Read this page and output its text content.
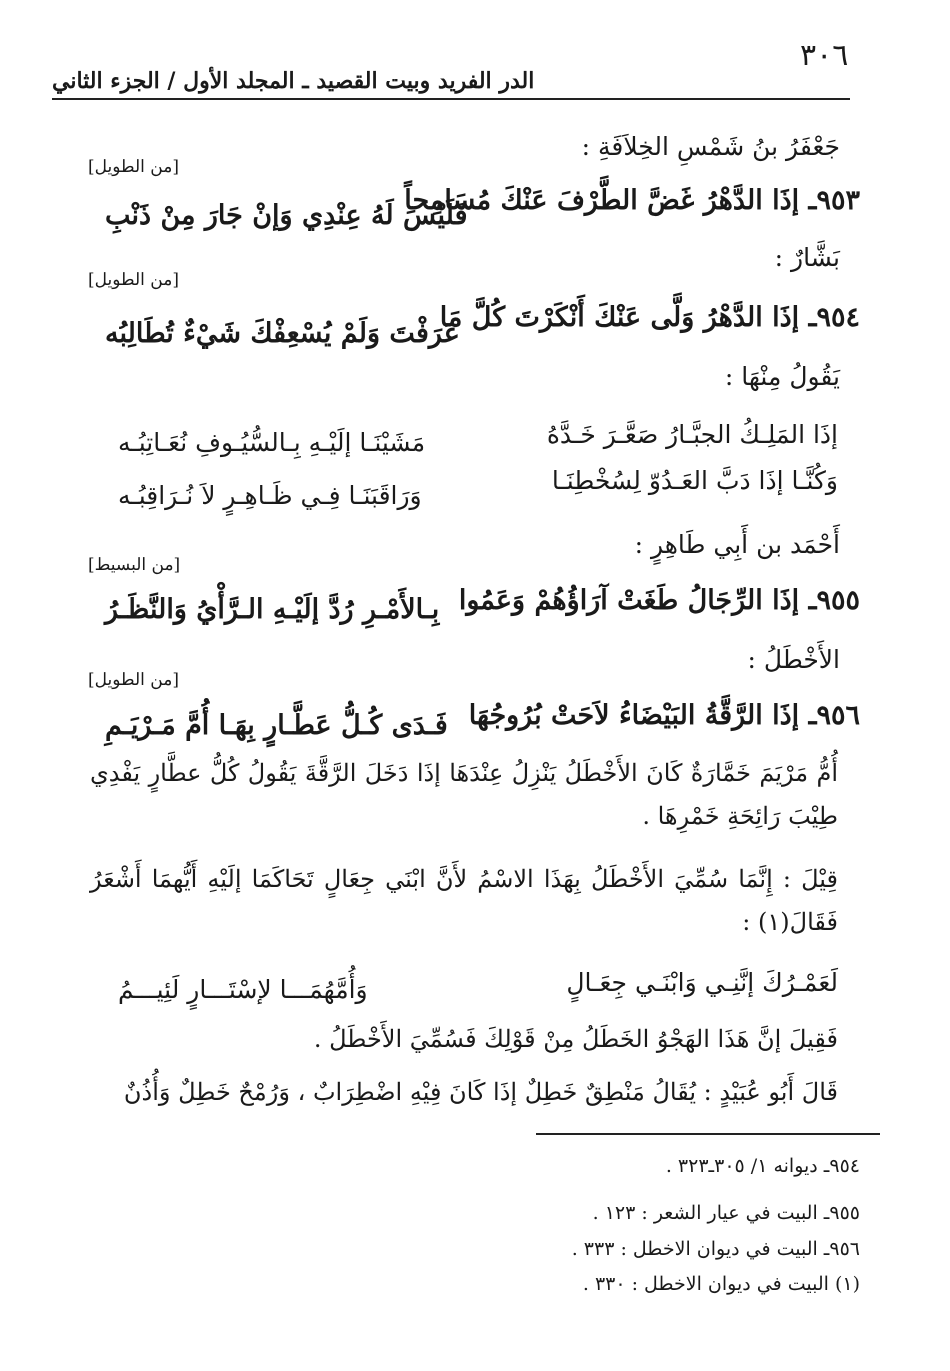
٣٠٦
الدر الفريد وبيت القصيد ـ المجلد الأول / الجزء الثاني
جَعْفَرُ بنُ شَمْسِ الخِلاَفَةِ :
[من الطويل]
٩٥٣ـ إذَا الدَّهْرُ غَضَّ الطَّرْفَ عَنْكَ مُسَامِحاً
فَلَيْسَ لَهُ عِنْدِي وَإنْ جَارَ مِنْ ذَنْبِ
بَشَّارٌ :
[من الطويل]
٩٥٤ـ إذَا الدَّهْرُ وَلَّى عَنْكَ أَنْكَرْتَ كُلَّ مَا
عَرَفْتَ وَلَمْ يُسْعِفْكَ شَيْءٌ تُطَالِبُه
يَقُولُ مِنْهَا :
إذَا المَلِـكُ الجبَّـارُ صَعَّـرَ خَـدَّهُ
مَشَيْنَـا إلَيْـهِ بِـالسُّيُـوفِ نُعَـاتِبُـه
وَكُنَّـا إذَا دَبَّ العَـدُوّ لِسُخْطِنَـا
وَرَاقَبَنَـا فِـي ظَـاهِـرٍ لاَ نُـرَاقِبُـه
أَحْمَد بن أَبِي طَاهِرٍ :
[من البسيط]
٩٥٥ـ إذَا الرِّجَالُ طَغَتْ آرَاؤُهُمْ وَعَمُوا
بِـالأَمْـرِ رُدَّ إلَيْـهِ الـرَّأْيُ وَالنَّظَـرُ
الأَخْطَلُ :
[من الطويل]
٩٥٦ـ إذَا الرَّقَّةُ البَيْضَاءُ لاَحَتْ بُرُوجُهَا
فَـدَى كُـلُّ عَطَّـارٍ بِهَـا أُمَّ مَـرْيَـمِ
أُمُّ مَرْيَمَ خَمَّارَةٌ كَانَ الأَخْطَلُ يَنْزِلُ عِنْدَهَا إذَا دَخَلَ الرَّقَّةَ يَقُولُ كُلُّ عطَّارٍ يَفْدِي طِيْبَ رَائِحَةِ خَمْرِهَا .
قِيْلَ : إِنَّمَا سُمِّيَ الأَخْطَلُ بِهَذَا الاسْمُ لأَنَّ ابْنَي جِعَالٍ تَحَاكَمَا إلَيْهِ أَيُّهمَا أَشْعَرُ فَقَالَ(١) :
لَعَمْـرُكَ إنَّنِـي وَابْنَـي جِعَـالٍ
وَأُمَّهُمَـــا لإسْتَـــارٍ لَئِيـــمُ
فَقِيلَ إنَّ هَذَا الهَجْوُ الخَطَلُ مِنْ قَوْلِكَ فَسُمِّيَ الأَخْطَلُ .
قَالَ أَبُو عُبَيْدٍ : يُقَالُ مَنْطِقٌ خَطِلٌ إذَا كَانَ فِيْهِ اضْطِرَابٌ ، وَرُمْحٌ خَطِلٌ وَأُذُنٌ
٩٥٤ـ ديوانه ١/ ٣٠٥ـ٣٢٣ .
٩٥٥ـ البيت في عيار الشعر : ١٢٣ .
٩٥٦ـ البيت في ديوان الاخطل : ٣٣٣ .
(١) البيت في ديوان الاخطل : ٣٣٠ .
